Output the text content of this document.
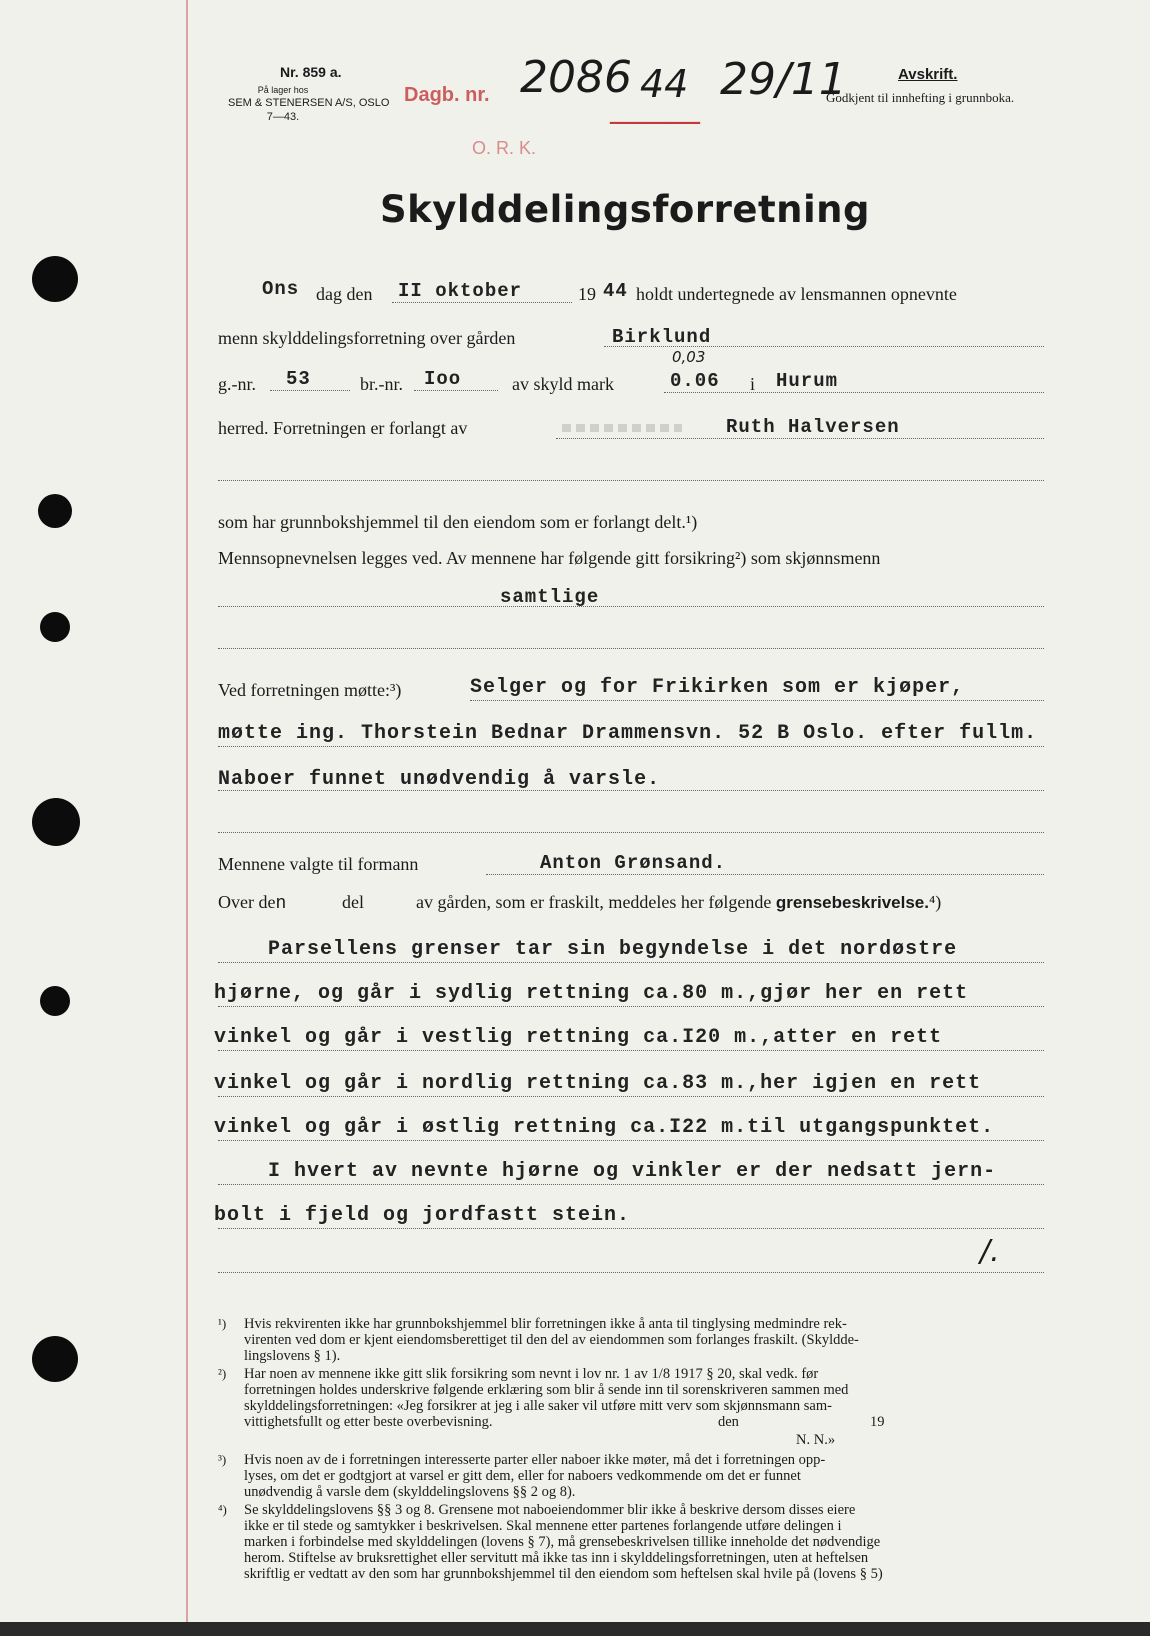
Nr. 859 a.
På lager hos
SEM & STENERSEN A/S, OSLO
7—43.
Dagb. nr.
O. R. K.
2086
———
44 29/11	Avskrift.
Godkjent til innhefting i grunnboka.
Skylddelingsforretning
Ons dag den II oktober	19 44 holdt undertegnede av lensmannen opnevnte
menn skylddelingsforretning over gården	Birklund
g.-nr. 53	br.-nr. Ioo	av skyld mark
0,03
0.06 i Hurum
herred. Forretningen er forlangt av	Ruth Halversen
som har grunnbokshjemmel til den eiendom som er forlangt delt.¹)
Mennsopnevnelsen legges ved. Av mennene har følgende gitt forsikring²) som skjønnsmenn
samtlige
Ved forretningen møtte:³)	Selger og for Frikirken som er kjøper,
møtte ing. Thorstein Bednar Drammensvn. 52 B Oslo. efter fullm.
Naboer funnet unødvendig å varsle.
Mennene valgte til formann	Anton Grønsand.
Over den	del	av gården, som er fraskilt, meddeles her følgende grensebeskrivelse.⁴)
Parsellens grenser tar sin begyndelse i det nordøstre
hjørne, og går i sydlig rettning ca.80 m.,gjør her en rett
vinkel og går i vestlig rettning ca.I20 m.,atter en rett
vinkel og går i nordlig rettning ca.83 m.,her igjen en rett
vinkel og går i østlig rettning ca.I22 m.til utgangspunktet.
I hvert av nevnte hjørne og vinkler er der nedsatt jern-
bolt i fjeld og jordfastt stein.
/.
¹) Hvis rekvirenten ikke har grunnbokshjemmel blir forretningen ikke å anta til tinglysing medmindre rek-
virenten ved dom er kjent eiendomsberettiget til den del av eiendommen som forlanges fraskilt. (Skyldde-
lingslovens § 1).
²) Har noen av mennene ikke gitt slik forsikring som nevnt i lov nr. 1 av 1/8 1917 § 20, skal vedk. før
forretningen holdes underskrive følgende erklæring som blir å sende inn til sorenskriveren sammen med
skylddelingsforretningen: «Jeg forsikrer at jeg i alle saker vil utføre mitt verv som skjønnsmann sam-
vittighetsfullt og etter beste overbevisning.	den	19
N. N.»
³) Hvis noen av de i forretningen interesserte parter eller naboer ikke møter, må det i forretningen opp-
lyses, om det er godtgjort at varsel er gitt dem, eller for naboers vedkommende om det er funnet
unødvendig å varsle dem (skylddelingslovens §§ 2 og 8).
⁴) Se skylddelingslovens §§ 3 og 8. Grensene mot naboeiendommer blir ikke å beskrive dersom disses eiere
ikke er til stede og samtykker i beskrivelsen. Skal mennene etter partenes forlangende utføre delingen i
marken i forbindelse med skylddelingen (lovens § 7), må grensebeskrivelsen tillike inneholde det nødvendige
herom. Stiftelse av bruksrettighet eller servitutt må ikke tas inn i skylddelingsforretningen, uten at heftelsen
skriftlig er vedtatt av den som har grunnbokshjemmel til den eiendom som heftelsen skal hvile på (lovens § 5)
